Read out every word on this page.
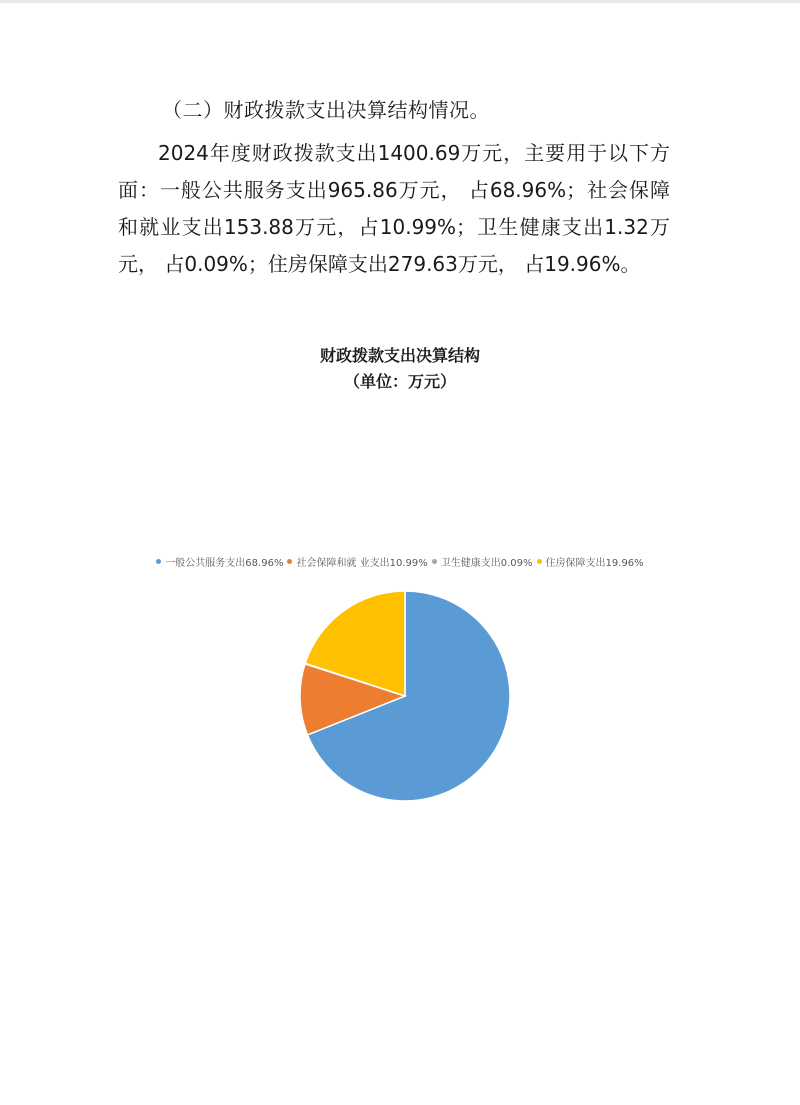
（二）财政拨款支出决算结构情况。
2024年度财政拨款支出1400.69万元，主要用于以下方面：一般公共服务支出965.86万元， 占68.96%；社会保障和就业支出153.88万元，占10.99%；卫生健康支出1.32万元， 占0.09%；住房保障支出279.63万元， 占19.96%。
财政拨款支出决算结构
（单位：万元）
一般公共服务支出68.96% 社会保障和就 业支出10.99% 卫生健康支出0.09% 住房保障支出19.96%
